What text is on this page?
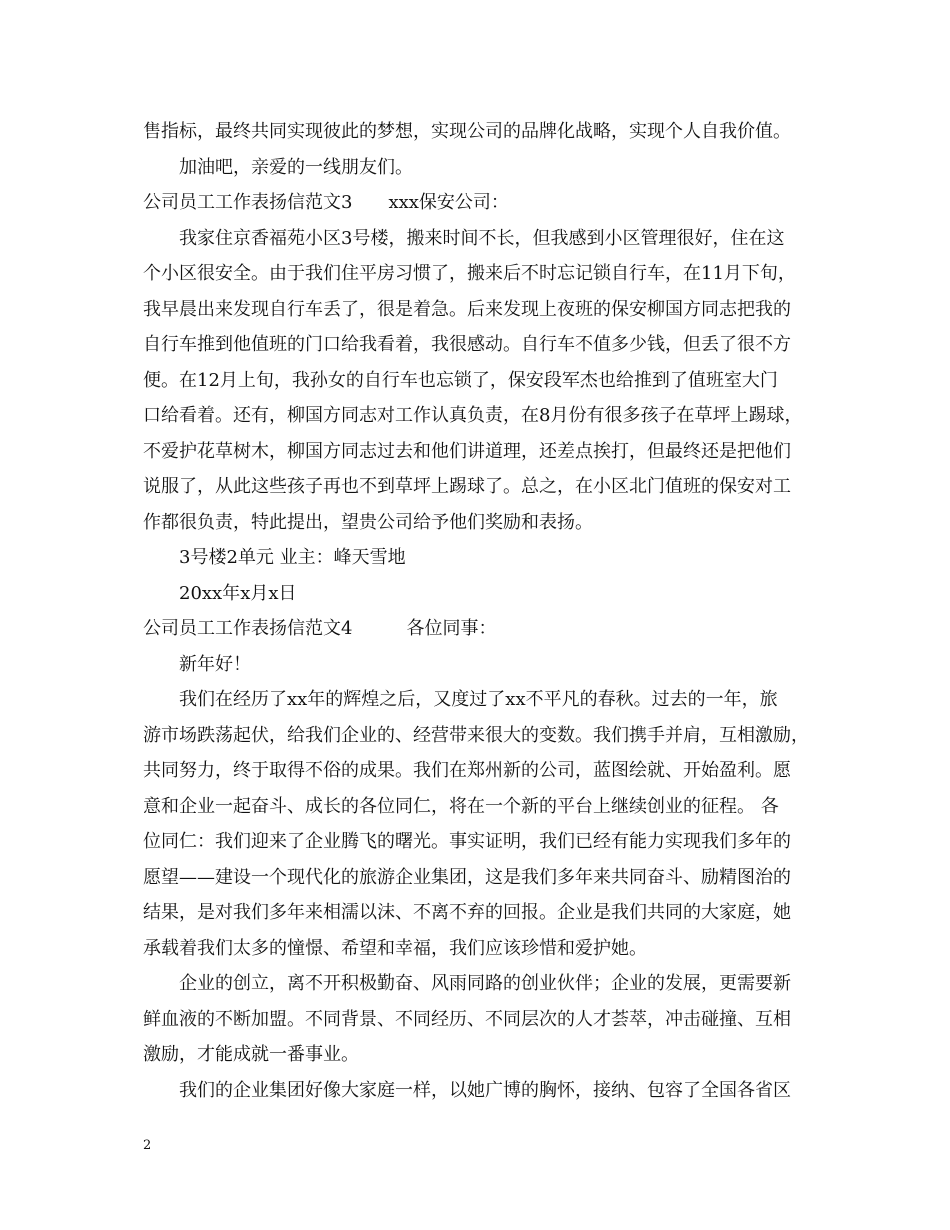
售指标，最终共同实现彼此的梦想，实现公司的品牌化战略，实现个人自我价值。
加油吧，亲爱的一线朋友们。
公司员工工作表扬信范文3　　xxx保安公司：
我家住京香福苑小区3号楼，搬来时间不长，但我感到小区管理很好，住在这
个小区很安全。由于我们住平房习惯了，搬来后不时忘记锁自行车，在11月下旬，
我早晨出来发现自行车丢了，很是着急。后来发现上夜班的保安柳国方同志把我的
自行车推到他值班的门口给我看着，我很感动。自行车不值多少钱，但丢了很不方
便。在12月上旬，我孙女的自行车也忘锁了，保安段军杰也给推到了值班室大门
口给看着。还有，柳国方同志对工作认真负责，在8月份有很多孩子在草坪上踢球，
不爱护花草树木，柳国方同志过去和他们讲道理，还差点挨打，但最终还是把他们
说服了，从此这些孩子再也不到草坪上踢球了。总之，在小区北门值班的保安对工
作都很负责，特此提出，望贵公司给予他们奖励和表扬。
3号楼2单元 业主：峰天雪地
20xx年x月x日
公司员工工作表扬信范文4　　　各位同事：
新年好！
我们在经历了xx年的辉煌之后，又度过了xx不平凡的春秋。过去的一年，旅
游市场跌荡起伏，给我们企业的、经营带来很大的变数。我们携手并肩，互相激励，
共同努力，终于取得不俗的成果。我们在郑州新的公司，蓝图绘就、开始盈利。愿
意和企业一起奋斗、成长的各位同仁，将在一个新的平台上继续创业的征程。 各
位同仁：我们迎来了企业腾飞的曙光。事实证明，我们已经有能力实现我们多年的
愿望——建设一个现代化的旅游企业集团，这是我们多年来共同奋斗、励精图治的
结果，是对我们多年来相濡以沫、不离不弃的回报。企业是我们共同的大家庭，她
承载着我们太多的憧憬、希望和幸福，我们应该珍惜和爱护她。
企业的创立，离不开积极勤奋、风雨同路的创业伙伴；企业的发展，更需要新
鲜血液的不断加盟。不同背景、不同经历、不同层次的人才荟萃，冲击碰撞、互相
激励，才能成就一番事业。
我们的企业集团好像大家庭一样，以她广博的胸怀，接纳、包容了全国各省区
2
